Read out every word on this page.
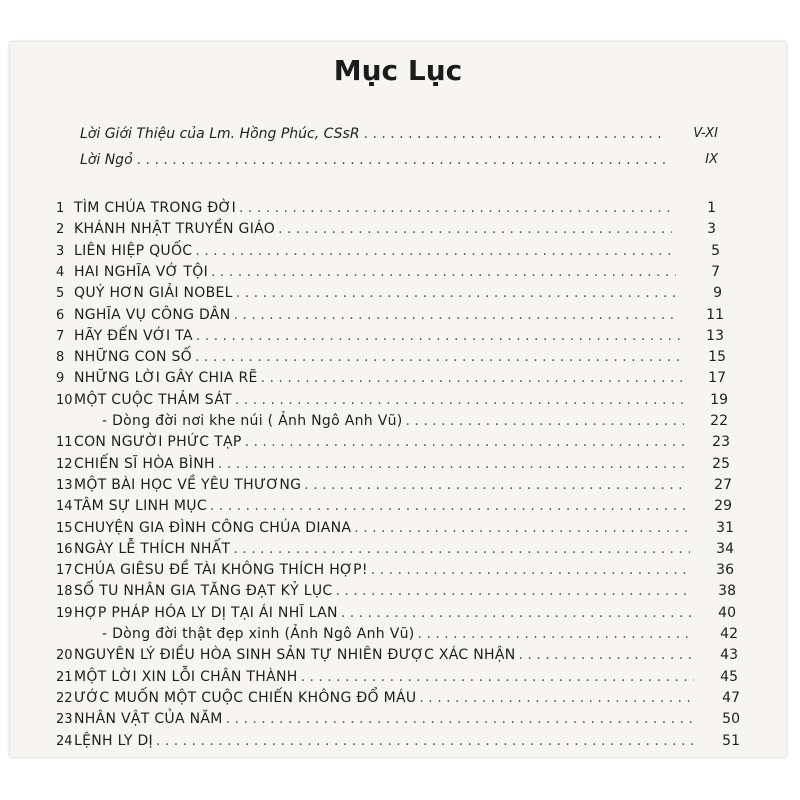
Mục Lục
Lời Giới Thiệu của Lm. Hồng Phúc, CSsR . . .	V-XI
Lời Ngỏ . . .	IX
1 TÌM CHÚA TRONG ĐỜI . . .	1
2 KHÁNH NHẬT TRUYỀN GIÁO . . .	3
3 LIÊN HIỆP QUỐC . . .	5
4 HAI NGHĨA VỚ TỘI . . .	7
5 QUÝ HƠN GIẢI NOBEL . . .	9
6 NGHĨA VỤ CÔNG DÂN . . .	11
7 HÃY ĐẾN VỚI TA . . .	13
8 NHỮNG CON SỐ . . .	15
9 NHỮNG LỜI GÂY CHIA RẼ . . .	17
10 MỘT CUỘC THẢM SÁT . . .	19
- Dòng đời nơi khe núi ( Ảnh Ngô Anh Vũ) . . .	22
11 CON NGƯỜI PHỨC TẠP . . .	23
12 CHIẾN SĨ HÒA BÌNH . . .	25
13 MỘT BÀI HỌC VỀ YÊU THƯƠNG . . .	27
14 TÂM SỰ LINH MỤC . . .	29
15 CHUYỆN GIA ĐÌNH CÔNG CHÚA DIANA . . .	31
16 NGÀY LỄ THÍCH NHẤT . . .	34
17 CHÚA GIÊSU ĐỀ TÀI KHÔNG THÍCH HỢP! . . .	36
18 SỐ TU NHÂN GIA TĂNG ĐẠT KỶ LỤC . . .	38
19 HỢP PHÁP HÓA LY DỊ TẠI ÁI NHĨ LAN . . .	40
- Dòng đời thật đẹp xinh (Ảnh Ngô Anh Vũ) . . .	42
20 NGUYÊN LÝ ĐIỀU HÒA SINH SẢN TỰ NHIÊN ĐƯỢC XÁC NHẬN . . .	43
21 MỘT LỜI XIN LỖI CHÂN THÀNH . . .	45
22 ƯỚC MUỐN MỘT CUỘC CHIẾN KHÔNG ĐỔ MÁU . . .	47
23 NHÂN VẬT CỦA NĂM . . .	50
24 LỆNH LY DỊ . . .	51
